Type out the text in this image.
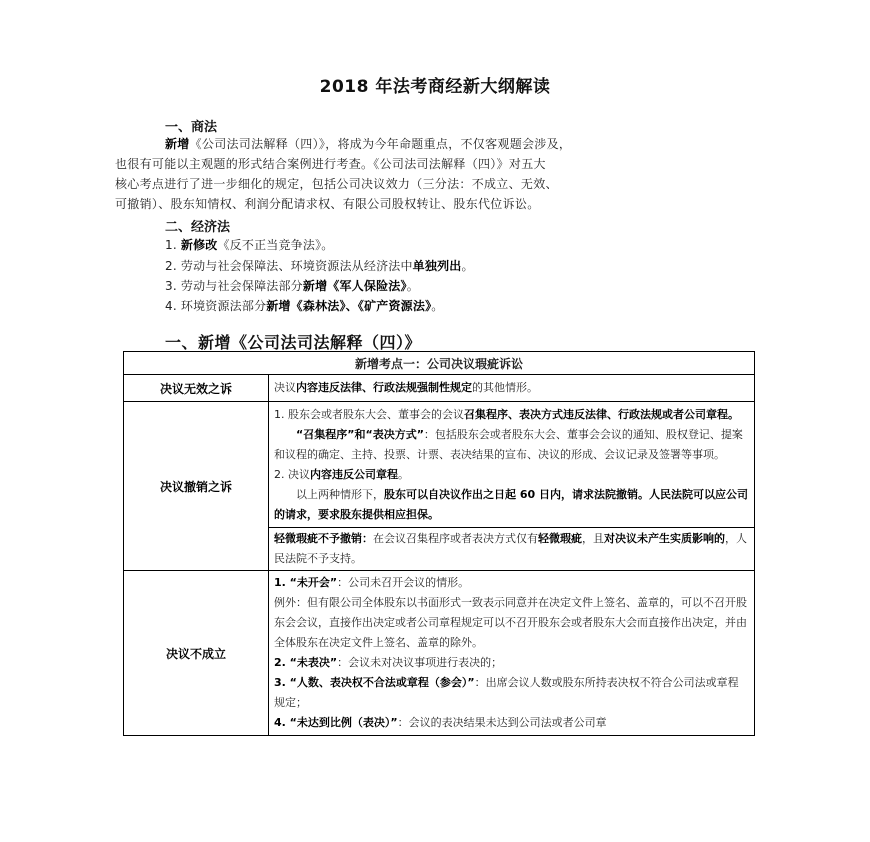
2018 年法考商经新大纲解读
一、商法
新增《公司法司法解释（四）》，将成为今年命题重点，不仅客观题会涉及，
也很有可能以主观题的形式结合案例进行考查。《公司法司法解释（四）》对五大
核心考点进行了进一步细化的规定，包括公司决议效力（三分法：不成立、无效、
可撤销）、股东知情权、利润分配请求权、有限公司股权转让、股东代位诉讼。
二、经济法
1. 新修改《反不正当竞争法》。
2. 劳动与社会保障法、环境资源法从经济法中单独列出。
3. 劳动与社会保障法部分新增《军人保险法》。
4. 环境资源法部分新增《森林法》、《矿产资源法》。
一、新增《公司法司法解释（四）》
新增考点一：公司决议瑕疵诉讼	
决议无效之诉	决议内容违反法律、行政法规强制性规定的其他情形。

决议撤销之诉	1. 股东会或者股东大会、董事会的会议召集程序、表决方式违反法律、行政法规或者公司章程。

“召集程序”和“表决方式”：包括股东会或者股东大会、董事会会议的通知、股权登记、提案和议程的确定、主持、投票、计票、表决结果的宣布、决议的形成、会议记录及签署等事项。

2. 决议内容违反公司章程。

以上两种情形下，股东可以自决议作出之日起 60 日内，请求法院撤销。人民法院可以应公司的请求，要求股东提供相应担保。

	轻微瑕疵不予撤销：在会议召集程序或者表决方式仅有轻微瑕疵，且对决议未产生实质影响的，人民法院不予支持。

决议不成立	1. “未开会”：公司未召开会议的情形。

例外：但有限公司全体股东以书面形式一致表示同意并在决定文件上签名、盖章的，可以不召开股东会会议，直接作出决定或者公司章程规定可以不召开股东会或者股东大会而直接作出决定，并由全体股东在决定文件上签名、盖章的除外。

2. “未表决”：会议未对决议事项进行表决的；

3. “人数、表决权不合法或章程（参会）”：出席会议人数或股东所持表决权不符合公司法或章程规定；

4. “未达到比例（表决）”：会议的表决结果未达到公司法或者公司章
